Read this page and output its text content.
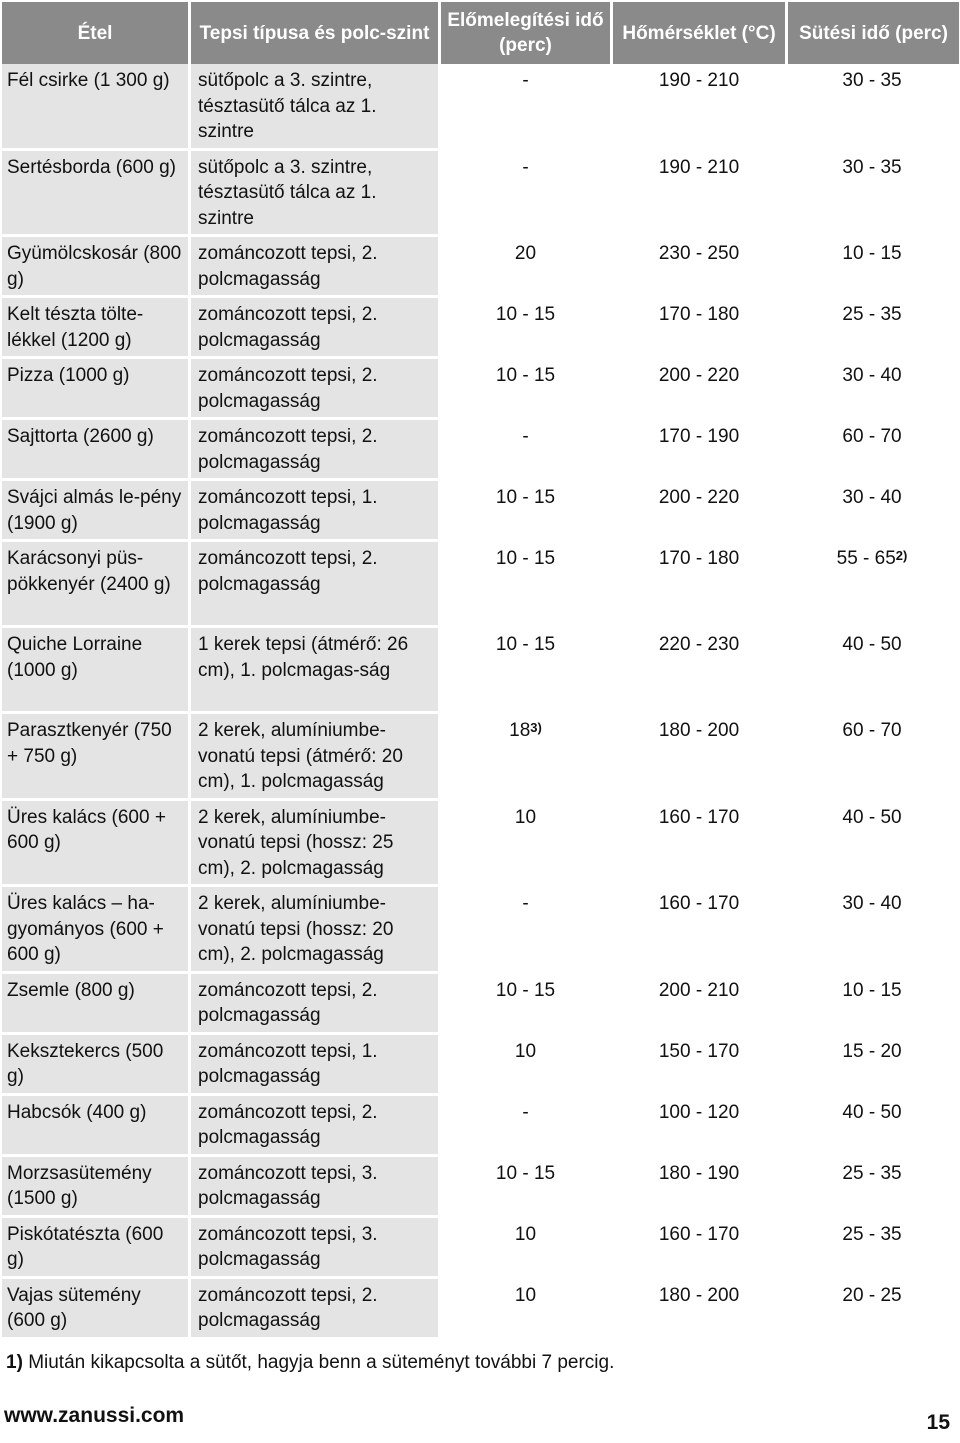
Étel	Tepsi típusa és polc-szint	Előmelegítési idő (perc)	Hőmérséklet (°C)	Sütési idő (perc)
Fél csirke (1 300 g)	sütőpolc a 3. szintre, tésztasütő tálca az 1. szintre	-	190 - 210	30 - 35
Sertésborda (600 g)	sütőpolc a 3. szintre, tésztasütő tálca az 1. szintre	-	190 - 210	30 - 35
Gyümölcskosár (800 g)	zománcozott tepsi, 2. polcmagasság	20	230 - 250	10 - 15
Kelt tészta tölte-lékkel (1200 g)	zománcozott tepsi, 2. polcmagasság	10 - 15	170 - 180	25 - 35
Pizza (1000 g)	zománcozott tepsi, 2. polcmagasság	10 - 15	200 - 220	30 - 40
Sajttorta (2600 g)	zománcozott tepsi, 2. polcmagasság	-	170 - 190	60 - 70
Svájci almás le-pény (1900 g)	zománcozott tepsi, 1. polcmagasság	10 - 15	200 - 220	30 - 40
Karácsonyi püs-pökkenyér (2400 g)	zománcozott tepsi, 2. polcmagasság	10 - 15	170 - 180	55 - 65$^{2)}$
Quiche Lorraine (1000 g)	1 kerek tepsi (átmérő: 26 cm), 1. polcmagas-ság	10 - 15	220 - 230	40 - 50
Parasztkenyér (750 + 750 g)	2 kerek, alumíniumbe-vonatú tepsi (átmérő: 20 cm), 1. polcmagasság	18$^{3)}$	180 - 200	60 - 70
Üres kalács (600 + 600 g)	2 kerek, alumíniumbe-vonatú tepsi (hossz: 25 cm), 2. polcmagasság	10	160 - 170	40 - 50
Üres kalács – ha-gyományos (600 + 600 g)	2 kerek, alumíniumbe-vonatú tepsi (hossz: 20 cm), 2. polcmagasság	-	160 - 170	30 - 40
Zsemle (800 g)	zománcozott tepsi, 2. polcmagasság	10 - 15	200 - 210	10 - 15
Keksztekercs (500 g)	zománcozott tepsi, 1. polcmagasság	10	150 - 170	15 - 20
Habcsók (400 g)	zománcozott tepsi, 2. polcmagasság	-	100 - 120	40 - 50
Morzsasütemény (1500 g)	zománcozott tepsi, 3. polcmagasság	10 - 15	180 - 190	25 - 35
Piskótatészta (600 g)	zománcozott tepsi, 3. polcmagasság	10	160 - 170	25 - 35
Vajas sütemény (600 g)	zománcozott tepsi, 2. polcmagasság	10	180 - 200	20 - 25
1) Miután kikapcsolta a sütőt, hagyja benn a süteményt további 7 percig.
www.zanussi.com	15
